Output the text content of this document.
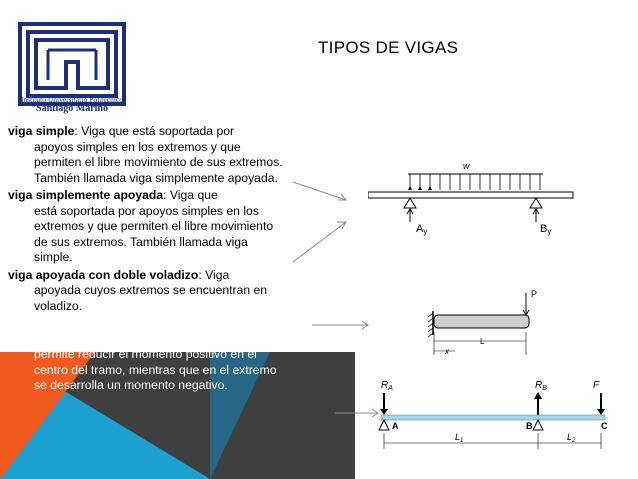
Instituto Universitario Politécnico
"Santiago Mariño"
TIPOS DE VIGAS

viga simple: Viga que está soportada por
apoyos simples en los extremos y que permiten el libre movimiento de sus extremos. También llamada viga simplemente apoyada.

viga simplemente apoyada: Viga que
está soportada por apoyos simples en los extremos y que permiten el libre movimiento de sus extremos. También llamada viga simple.

viga apoyada con doble voladizo: Viga
apoyada cuyos extremos se encuentran en voladizo.

viga apoyada en voladizo: Viga
apoyada con un extremo en voladizo, que permite reducir el momento positivo en el centro del tramo, mientras que en el extremo se desarrolla un momento negativo.

w
Ay	By
P
L
x
$R_A$	$R_B$	F
A	B	C
$L_1$	$L_2$
